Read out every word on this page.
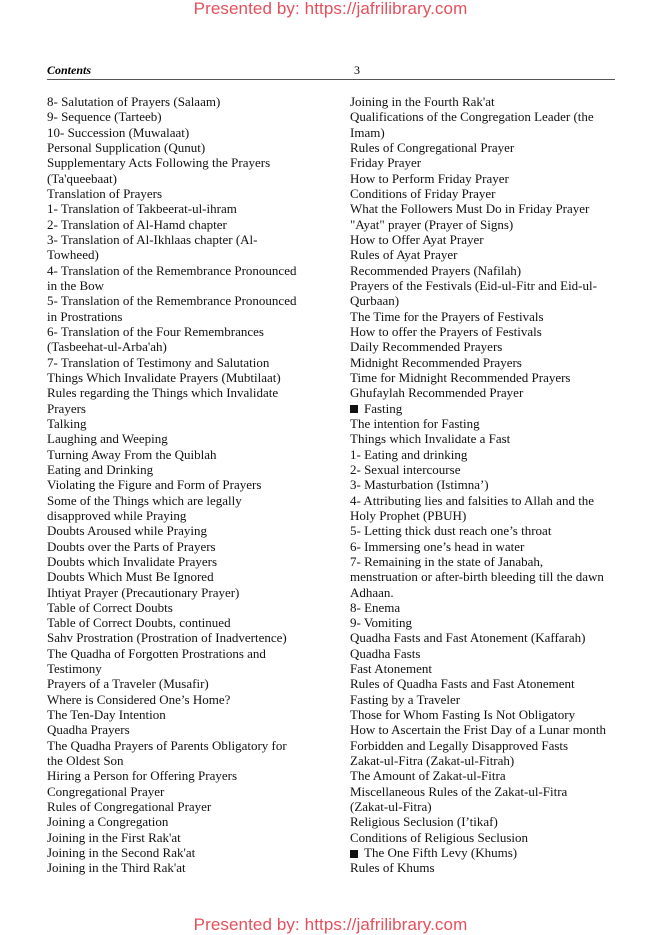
Presented by: https://jafrilibrary.com
Contents	3
8- Salutation of Prayers (Salaam)
9- Sequence (Tarteeb)
10- Succession (Muwalaat)
Personal Supplication (Qunut)
Supplementary Acts Following the Prayers
(Ta'queebaat)
Translation of Prayers
1- Translation of Takbeerat-ul-ihram
2- Translation of Al-Hamd chapter
3- Translation of Al-Ikhlaas chapter (Al-
Towheed)
4- Translation of the Remembrance Pronounced
in the Bow
5- Translation of the Remembrance Pronounced
in Prostrations
6- Translation of the Four Remembrances
(Tasbeehat-ul-Arba'ah)
7- Translation of Testimony and Salutation
Things Which Invalidate Prayers (Mubtilaat)
Rules regarding the Things which Invalidate
Prayers
Talking
Laughing and Weeping
Turning Away From the Quiblah
Eating and Drinking
Violating the Figure and Form of Prayers
Some of the Things which are legally
disapproved while Praying
Doubts Aroused while Praying
Doubts over the Parts of Prayers
Doubts which Invalidate Prayers
Doubts Which Must Be Ignored
Ihtiyat Prayer (Precautionary Prayer)
Table of Correct Doubts
Table of Correct Doubts, continued
Sahv Prostration (Prostration of Inadvertence)
The Quadha of Forgotten Prostrations and
Testimony
Prayers of a Traveler (Musafir)
Where is Considered One’s Home?
The Ten-Day Intention
Quadha Prayers
The Quadha Prayers of Parents Obligatory for
the Oldest Son
Hiring a Person for Offering Prayers
Congregational Prayer
Rules of Congregational Prayer
Joining a Congregation
Joining in the First Rak'at
Joining in the Second Rak'at
Joining in the Third Rak'at
Joining in the Fourth Rak'at
Qualifications of the Congregation Leader (the
Imam)
Rules of Congregational Prayer
Friday Prayer
How to Perform Friday Prayer
Conditions of Friday Prayer
What the Followers Must Do in Friday Prayer
"Ayat" prayer (Prayer of Signs)
How to Offer Ayat Prayer
Rules of Ayat Prayer
Recommended Prayers (Nafilah)
Prayers of the Festivals (Eid-ul-Fitr and Eid-ul-
Qurbaan)
The Time for the Prayers of Festivals
How to offer the Prayers of Festivals
Daily Recommended Prayers
Midnight Recommended Prayers
Time for Midnight Recommended Prayers
Ghufaylah Recommended Prayer
Fasting
The intention for Fasting
Things which Invalidate a Fast
1- Eating and drinking
2- Sexual intercourse
3- Masturbation (Istimna’)
4- Attributing lies and falsities to Allah and the
Holy Prophet (PBUH)
5- Letting thick dust reach one’s throat
6- Immersing one’s head in water
7- Remaining in the state of Janabah,
menstruation or after-birth bleeding till the dawn
Adhaan.
8- Enema
9- Vomiting
Quadha Fasts and Fast Atonement (Kaffarah)
Quadha Fasts
Fast Atonement
Rules of Quadha Fasts and Fast Atonement
Fasting by a Traveler
Those for Whom Fasting Is Not Obligatory
How to Ascertain the Frist Day of a Lunar month
Forbidden and Legally Disapproved Fasts
Zakat-ul-Fitra (Zakat-ul-Fitrah)
The Amount of Zakat-ul-Fitra
Miscellaneous Rules of the Zakat-ul-Fitra
(Zakat-ul-Fitra)
Religious Seclusion (I’tikaf)
Conditions of Religious Seclusion
The One Fifth Levy (Khums)
Rules of Khums
Presented by: https://jafrilibrary.com
